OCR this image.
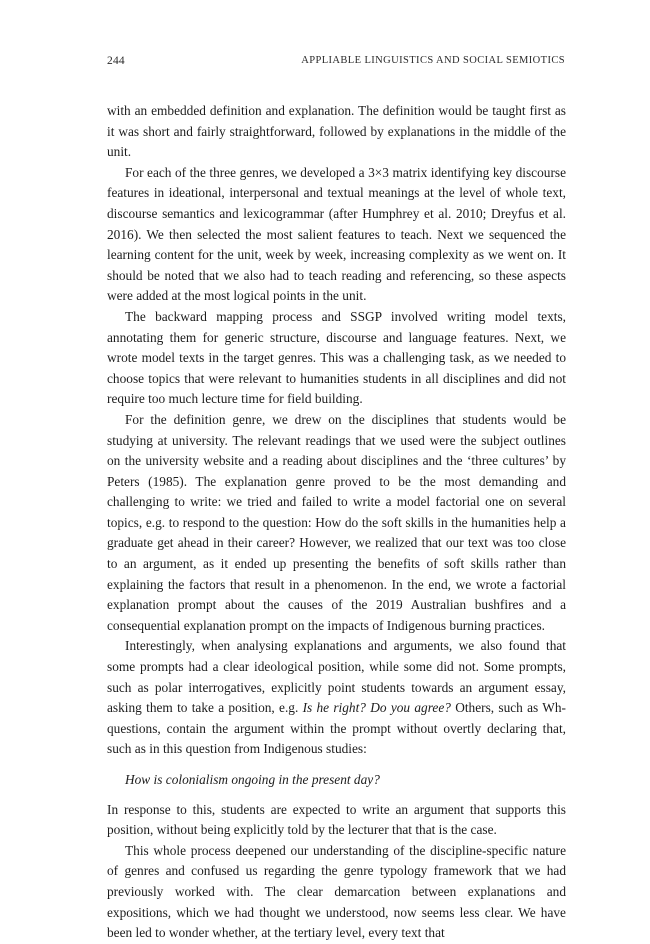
244	APPLIABLE LINGUISTICS AND SOCIAL SEMIOTICS

with an embedded definition and explanation. The definition would be taught first as it was short and fairly straightforward, followed by explanations in the middle of the unit.

For each of the three genres, we developed a 3×3 matrix identifying key discourse features in ideational, interpersonal and textual meanings at the level of whole text, discourse semantics and lexicogrammar (after Humphrey et al. 2010; Dreyfus et al. 2016). We then selected the most salient features to teach. Next we sequenced the learning content for the unit, week by week, increasing complexity as we went on. It should be noted that we also had to teach reading and referencing, so these aspects were added at the most logical points in the unit.

The backward mapping process and SSGP involved writing model texts, annotating them for generic structure, discourse and language features. Next, we wrote model texts in the target genres. This was a challenging task, as we needed to choose topics that were relevant to humanities students in all disciplines and did not require too much lecture time for field building.

For the definition genre, we drew on the disciplines that students would be studying at university. The relevant readings that we used were the subject outlines on the university website and a reading about disciplines and the ‘three cultures’ by Peters (1985). The explanation genre proved to be the most demanding and challenging to write: we tried and failed to write a model factorial one on several topics, e.g. to respond to the question: How do the soft skills in the humanities help a graduate get ahead in their career? However, we realized that our text was too close to an argument, as it ended up presenting the benefits of soft skills rather than explaining the factors that result in a phenomenon. In the end, we wrote a factorial explanation prompt about the causes of the 2019 Australian bushfires and a consequential explanation prompt on the impacts of Indigenous burning practices.

Interestingly, when analysing explanations and arguments, we also found that some prompts had a clear ideological position, while some did not. Some prompts, such as polar interrogatives, explicitly point students towards an argument essay, asking them to take a position, e.g. Is he right? Do you agree? Others, such as Wh- questions, contain the argument within the prompt without overtly declaring that, such as in this question from Indigenous studies:

How is colonialism ongoing in the present day?

In response to this, students are expected to write an argument that supports this position, without being explicitly told by the lecturer that that is the case.

This whole process deepened our understanding of the discipline-specific nature of genres and confused us regarding the genre typology framework that we had previously worked with. The clear demarcation between explanations and expositions, which we had thought we understood, now seems less clear. We have been led to wonder whether, at the tertiary level, every text that
